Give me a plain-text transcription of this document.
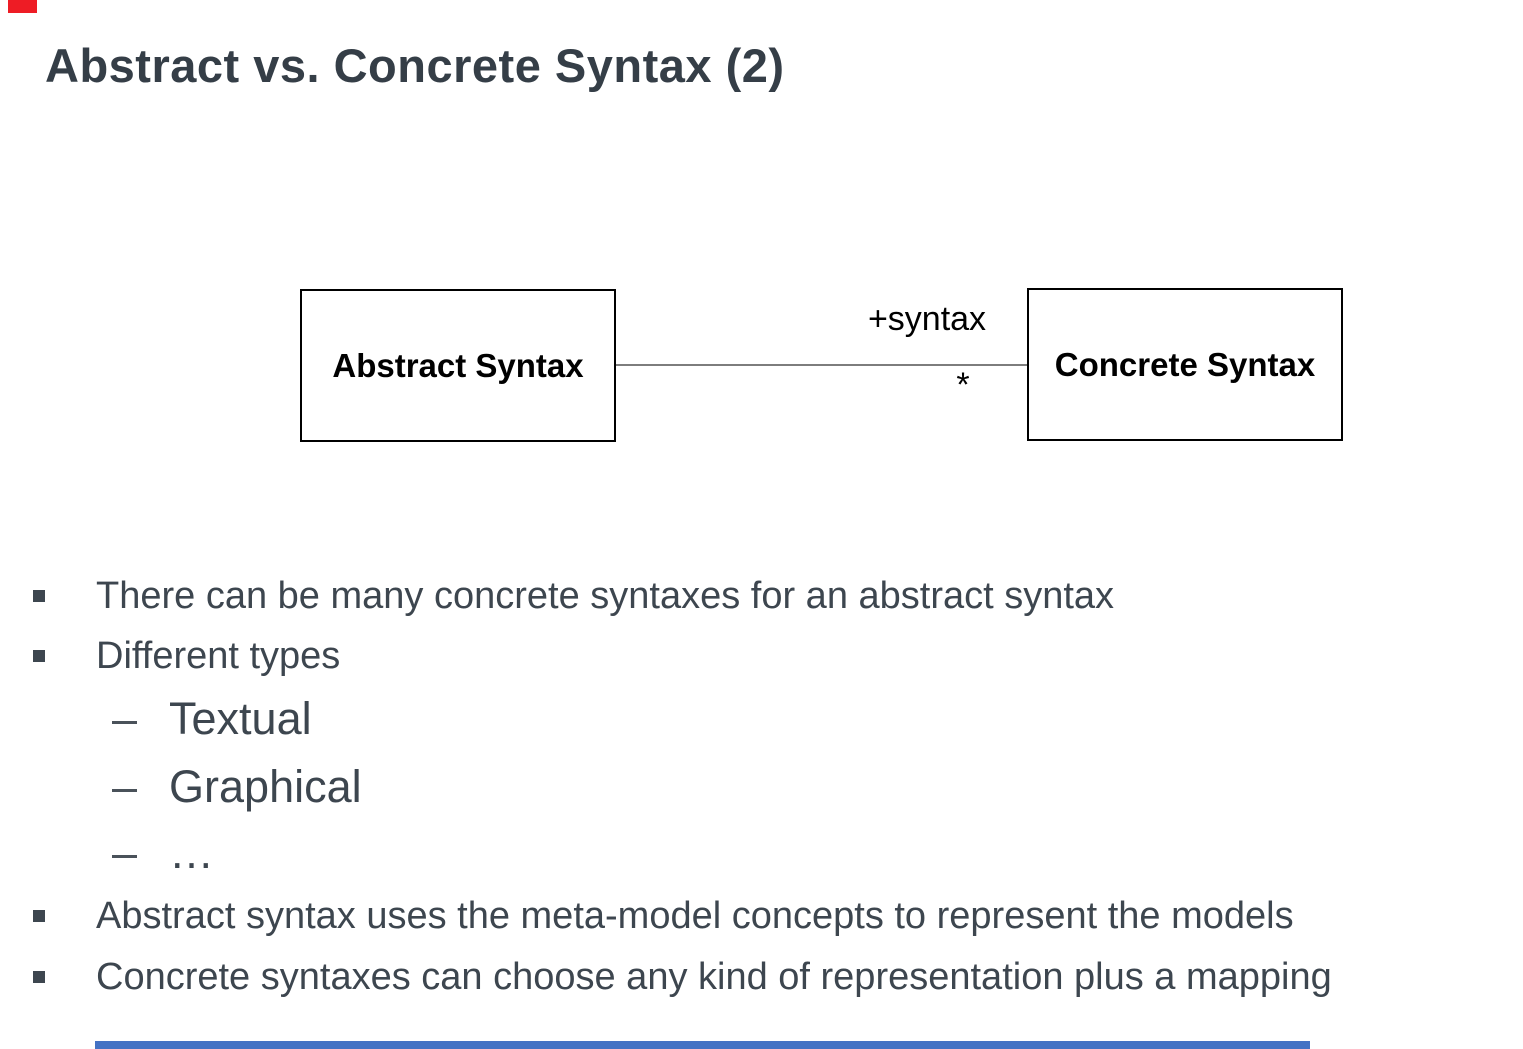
Abstract vs. Concrete Syntax (2)
Abstract Syntax
+syntax
*
Concrete Syntax
There can be many concrete syntaxes for an abstract syntax
Different types
– Textual
– Graphical
– …
Abstract syntax uses the meta-model concepts to represent the models
Concrete syntaxes can choose any kind of representation plus a mapping
